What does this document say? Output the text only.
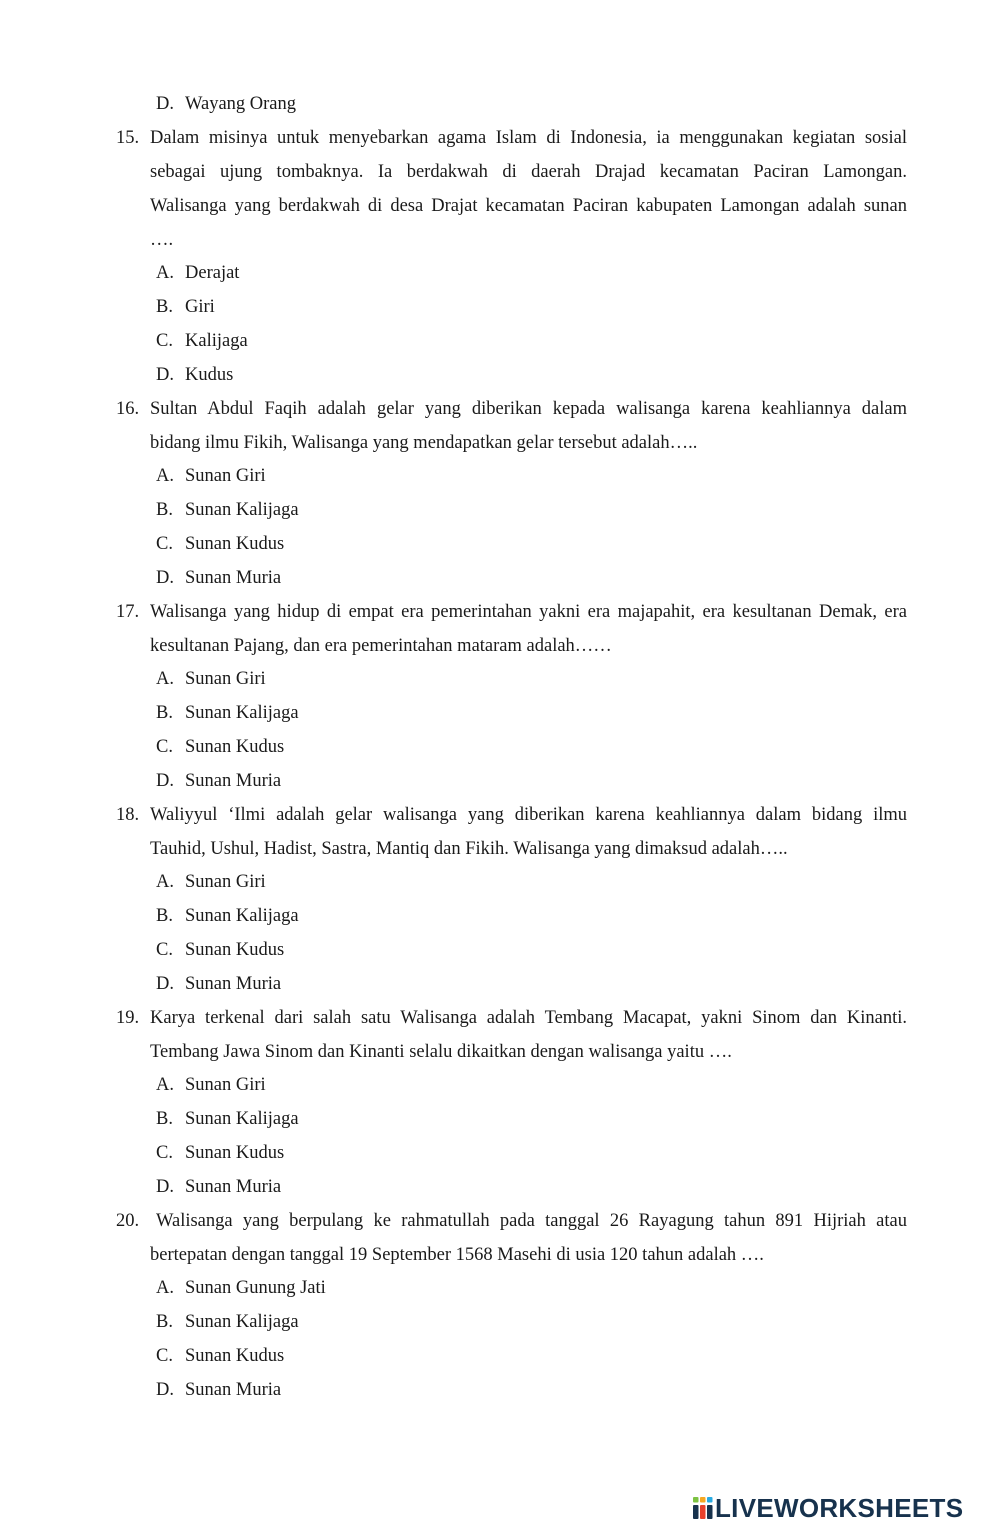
D. Wayang Orang
15. Dalam misinya untuk menyebarkan agama Islam di Indonesia, ia menggunakan kegiatan sosial
sebagai ujung tombaknya. Ia berdakwah di daerah Drajad kecamatan Paciran Lamongan.
Walisanga yang berdakwah di desa Drajat kecamatan Paciran kabupaten Lamongan adalah sunan
….
A. Derajat
B. Giri
C. Kalijaga
D. Kudus
16. Sultan Abdul Faqih adalah gelar yang diberikan kepada walisanga karena keahliannya dalam
bidang ilmu Fikih, Walisanga yang mendapatkan gelar tersebut adalah…..
A. Sunan Giri
B. Sunan Kalijaga
C. Sunan Kudus
D. Sunan Muria
17. Walisanga yang hidup di empat era pemerintahan yakni era majapahit, era kesultanan Demak, era
kesultanan Pajang, dan era pemerintahan mataram adalah……
A. Sunan Giri
B. Sunan Kalijaga
C. Sunan Kudus
D. Sunan Muria
18. Waliyyul ‘Ilmi adalah gelar walisanga yang diberikan karena keahliannya dalam bidang ilmu
Tauhid, Ushul, Hadist, Sastra, Mantiq dan Fikih. Walisanga yang dimaksud adalah…..
A. Sunan Giri
B. Sunan Kalijaga
C. Sunan Kudus
D. Sunan Muria
19. Karya terkenal dari salah satu Walisanga adalah Tembang Macapat, yakni Sinom dan Kinanti.
Tembang Jawa Sinom dan Kinanti selalu dikaitkan dengan walisanga yaitu ….
A. Sunan Giri
B. Sunan Kalijaga
C. Sunan Kudus
D. Sunan Muria
20. Walisanga yang berpulang ke rahmatullah pada tanggal 26 Rayagung tahun 891 Hijriah atau
bertepatan dengan tanggal 19 September 1568 Masehi di usia 120 tahun adalah ….
A. Sunan Gunung Jati
B. Sunan Kalijaga
C. Sunan Kudus
D. Sunan Muria
LIVEWORKSHEETS
